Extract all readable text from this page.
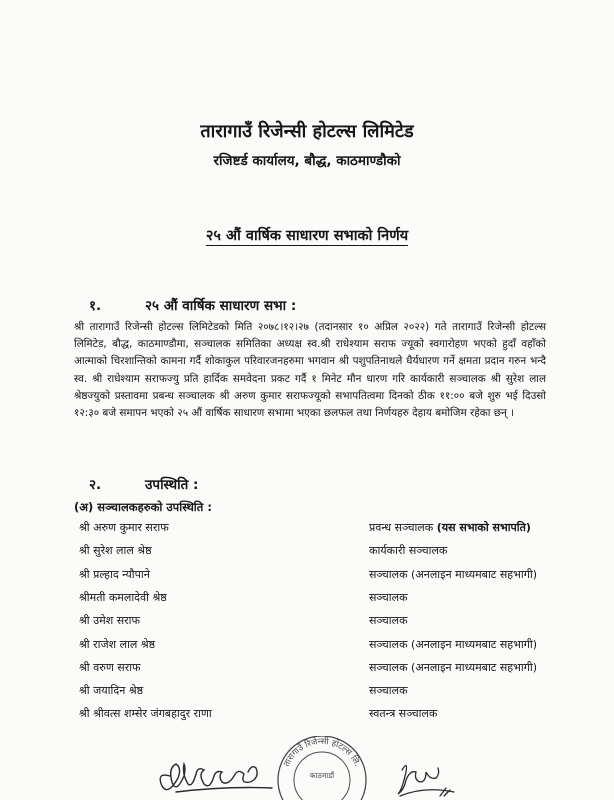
तारागाउँ रिजेन्सी होटल्स लिमिटेड
रजिष्टर्ड कार्यालय, बौद्ध, काठमाण्डौको
२५ औं वार्षिक साधारण सभाको निर्णय
१.	२५ औं वार्षिक साधारण सभा :

श्री तारागाउँ रिजेन्सी होटल्स लिमिटेडको मिति २०७८।१२।२७ (तदानसार १० अप्रिल २०२२) गते तारागाउँ रिजेन्सी होटल्स लिमिटेड, बौद्ध, काठमाण्डौमा, सञ्चालक समितिका अध्यक्ष स्व.श्री राधेश्याम सराफ ज्यूको स्वगारोहण भएको हुदाँ वहाँको आत्माको चिरशान्तिको कामना गर्दै शोकाकुल परिवारजनहरुमा भगवान श्री पशुपतिनाथले धैर्यधारण गर्ने क्षमता प्रदान गरुन भन्दै स्व. श्री राधेश्याम सराफज्यु प्रति हार्दिक समवेदना प्रकट गर्दै १ मिनेट मौन धारण गरि कार्यकारी सञ्चालक श्री सुरेश लाल श्रेष्ठज्युको प्रस्तावमा प्रबन्ध सञ्चालक श्री अरुण कुमार सराफज्यूको सभापतित्वमा दिनको ठीक ११:०० बजे शुरु भई दिउसो १२:३० बजे समापन भएको २५ औं वार्षिक साधारण सभामा भएका छलफल तथा निर्णयहरु देहाय बमोजिम रहेका छन् ।

२.	उपस्थिति :
(अ) सञ्चालकहरुको उपस्थिति :
श्री अरुण कुमार सराफ	प्रवन्ध सञ्चालक (यस सभाको सभापति)
श्री सुरेश लाल श्रेष्ठ	कार्यकारी सञ्चालक
श्री प्रल्हाद न्यौपाने	सञ्चालक (अनलाइन माध्यमबाट सहभागी)
श्रीमती कमलादेवी श्रेष्ठ	सञ्चालक
श्री उमेश सराफ	सञ्चालक
श्री राजेश लाल श्रेष्ठ	सञ्चालक (अनलाइन माध्यमबाट सहभागी)
श्री वरुण सराफ	सञ्चालक (अनलाइन माध्यमबाट सहभागी)
श्री जयादिन श्रेष्ठ	सञ्चालक
श्री श्रीवत्स शम्सेर जंगबहादुर राणा	स्वतन्त्र सञ्चालक
तारागाउँ रिजेन्सी होटल्स लि.
काठमाडौं
